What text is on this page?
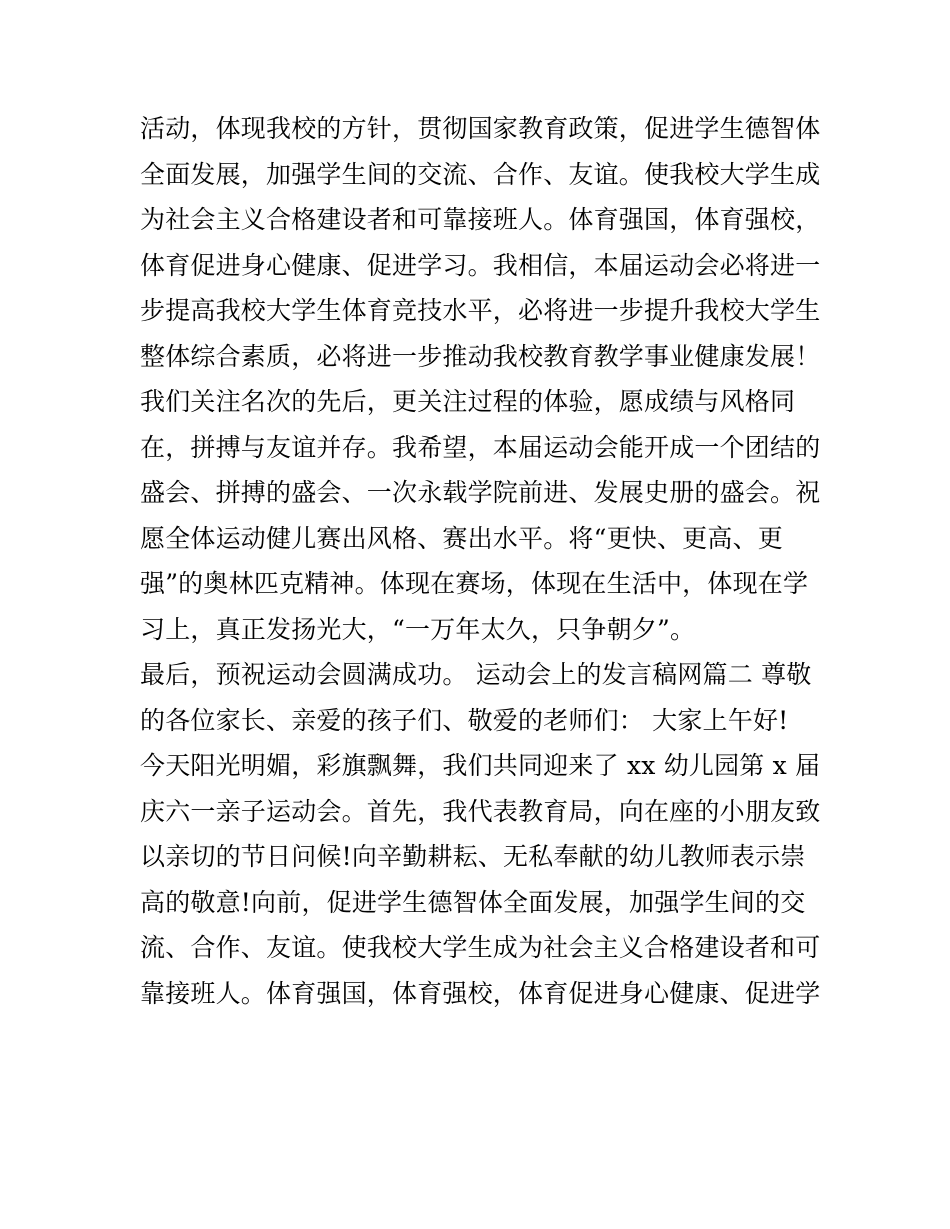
活动，体现我校的方针，贯彻国家教育政策，促进学生德智体
全面发展，加强学生间的交流、合作、友谊。使我校大学生成
为社会主义合格建设者和可靠接班人。体育强国，体育强校，
体育促进身心健康、促进学习。我相信，本届运动会必将进一
步提高我校大学生体育竞技水平，必将进一步提升我校大学生
整体综合素质，必将进一步推动我校教育教学事业健康发展！
我们关注名次的先后，更关注过程的体验，愿成绩与风格同
在，拼搏与友谊并存。我希望，本届运动会能开成一个团结的
盛会、拼搏的盛会、一次永载学院前进、发展史册的盛会。祝
愿全体运动健儿赛出风格、赛出水平。将“更快、更高、更
强”的奥林匹克精神。体现在赛场，体现在生活中，体现在学
习上，真正发扬光大，“一万年太久，只争朝夕”。
最后，预祝运动会圆满成功。 运动会上的发言稿网篇二 尊敬
的各位家长、亲爱的孩子们、敬爱的老师们： 大家上午好!
今天阳光明媚，彩旗飘舞，我们共同迎来了 xx 幼儿园第 x 届
庆六一亲子运动会。首先，我代表教育局，向在座的小朋友致
以亲切的节日问候!向辛勤耕耘、无私奉献的幼儿教师表示崇
高的敬意!向前，促进学生德智体全面发展，加强学生间的交
流、合作、友谊。使我校大学生成为社会主义合格建设者和可
靠接班人。体育强国，体育强校，体育促进身心健康、促进学
